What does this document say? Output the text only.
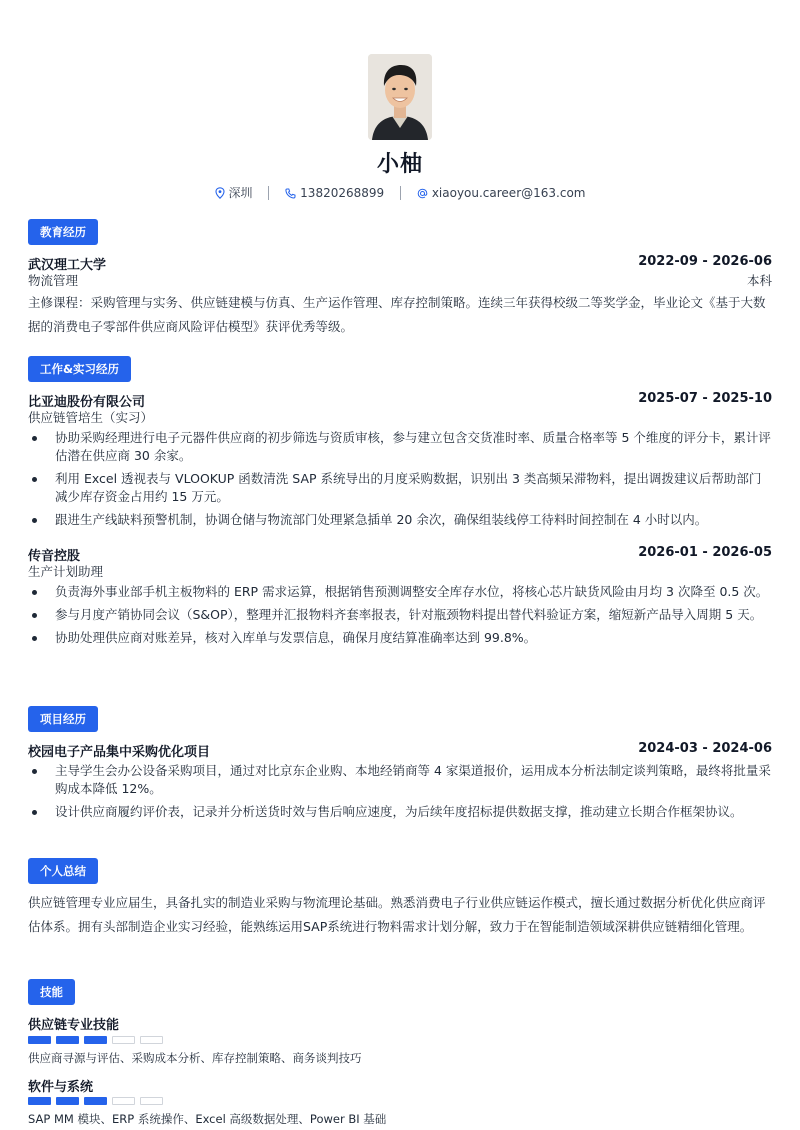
小柚
深圳	13820268899	xiaoyou.career@163.com
教育经历
武汉理工大学	2022-09 - 2026-06
物流管理	本科
主修课程：采购管理与实务、供应链建模与仿真、生产运作管理、库存控制策略。连续三年获得校级二等奖学金，毕业论文《基于大数据的消费电子零部件供应商风险评估模型》获评优秀等级。
工作&实习经历
比亚迪股份有限公司	2025-07 - 2025-10
供应链管培生（实习）
协助采购经理进行电子元器件供应商的初步筛选与资质审核，参与建立包含交货准时率、质量合格率等 5 个维度的评分卡，累计评估潜在供应商 30 余家。
利用 Excel 透视表与 VLOOKUP 函数清洗 SAP 系统导出的月度采购数据，识别出 3 类高频呆滞物料，提出调拨建议后帮助部门减少库存资金占用约 15 万元。
跟进生产线缺料预警机制，协调仓储与物流部门处理紧急插单 20 余次，确保组装线停工待料时间控制在 4 小时以内。
传音控股	2026-01 - 2026-05
生产计划助理
负责海外事业部手机主板物料的 ERP 需求运算，根据销售预测调整安全库存水位，将核心芯片缺货风险由月均 3 次降至 0.5 次。
参与月度产销协同会议（S&OP），整理并汇报物料齐套率报表，针对瓶颈物料提出替代料验证方案，缩短新产品导入周期 5 天。
协助处理供应商对账差异，核对入库单与发票信息，确保月度结算准确率达到 99.8%。
项目经历
校园电子产品集中采购优化项目	2024-03 - 2024-06
主导学生会办公设备采购项目，通过对比京东企业购、本地经销商等 4 家渠道报价，运用成本分析法制定谈判策略，最终将批量采购成本降低 12%。
设计供应商履约评价表，记录并分析送货时效与售后响应速度，为后续年度招标提供数据支撑，推动建立长期合作框架协议。
个人总结
供应链管理专业应届生，具备扎实的制造业采购与物流理论基础。熟悉消费电子行业供应链运作模式，擅长通过数据分析优化供应商评估体系。拥有头部制造企业实习经验，能熟练运用SAP系统进行物料需求计划分解，致力于在智能制造领域深耕供应链精细化管理。
技能
供应链专业技能
供应商寻源与评估、采购成本分析、库存控制策略、商务谈判技巧
软件与系统
SAP MM 模块、ERP 系统操作、Excel 高级数据处理、Power BI 基础
